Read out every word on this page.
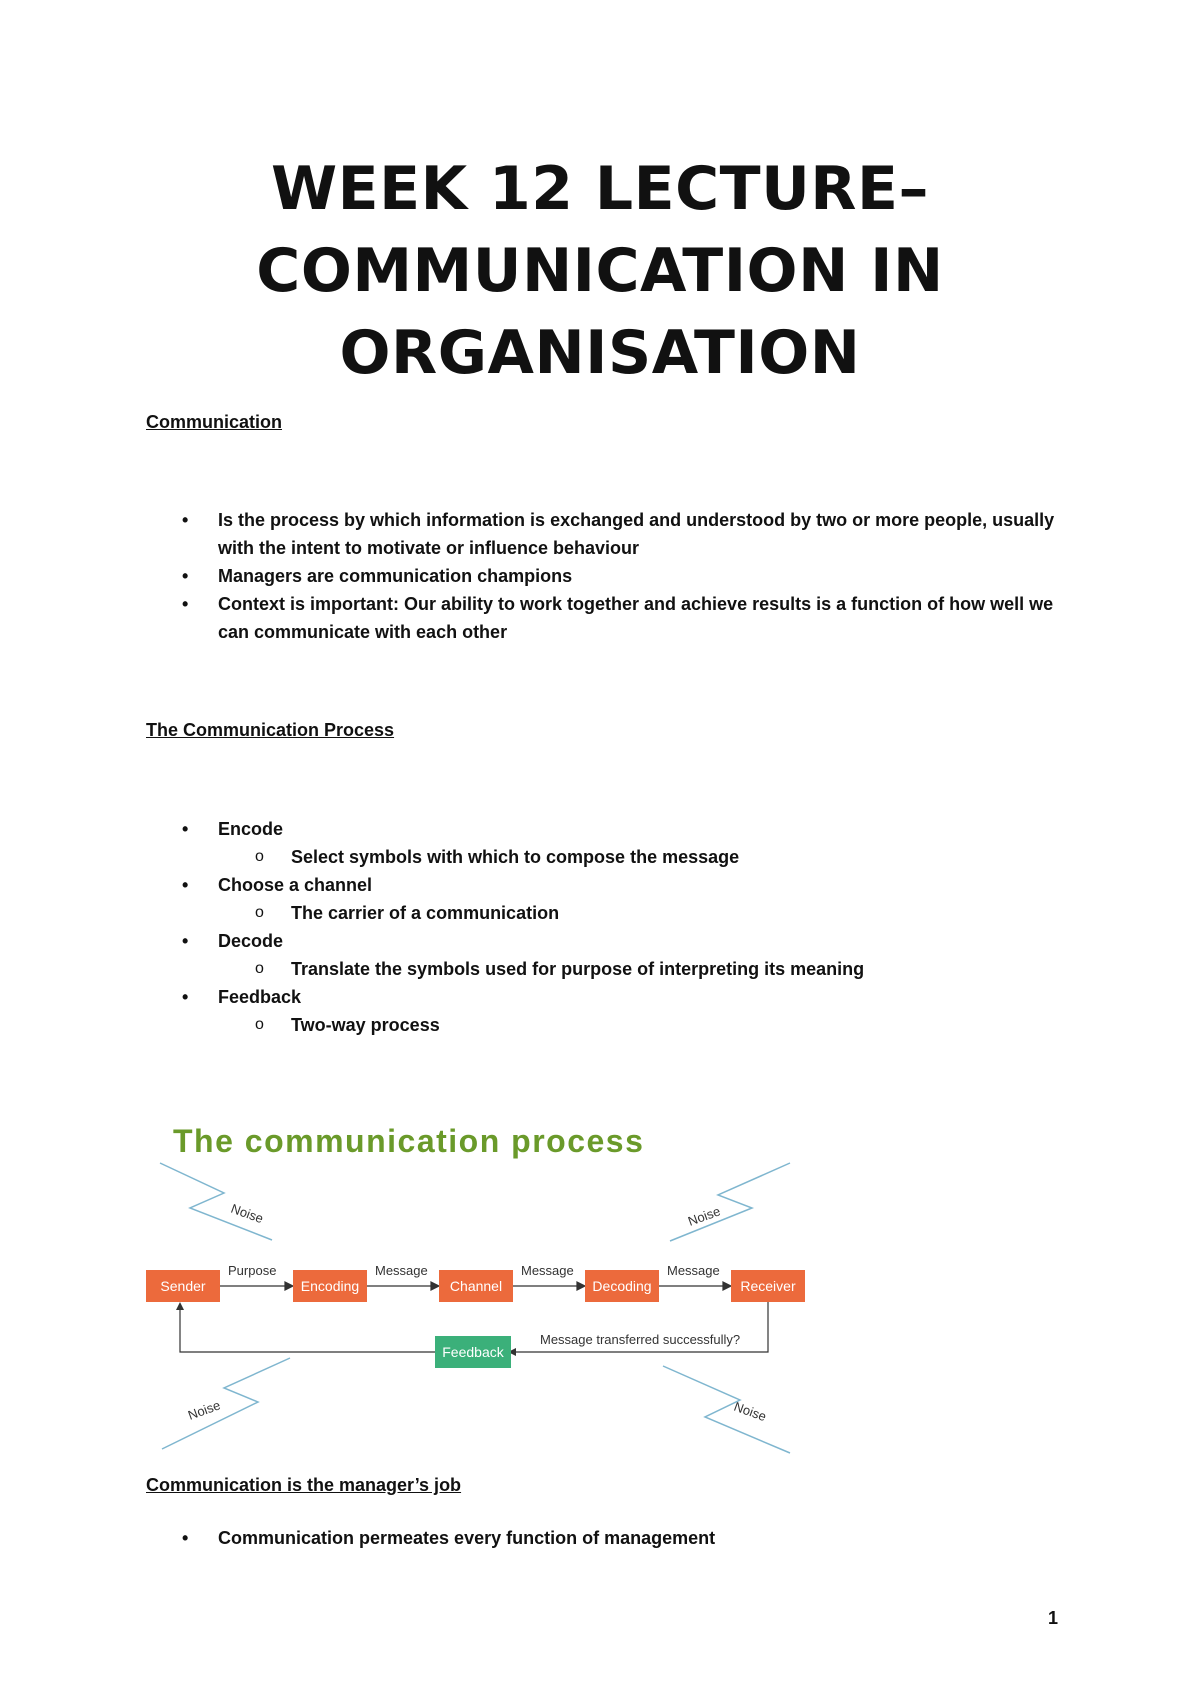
WEEK 12 LECTURE–
COMMUNICATION IN
ORGANISATION

Communication

• Is the process by which information is exchanged and understood by two or more people, usually with the intent to motivate or influence behaviour
• Managers are communication champions
• Context is important: Our ability to work together and achieve results is a function of how well we can communicate with each other

The Communication Process

• Encode
o Select symbols with which to compose the message
• Choose a channel
o The carrier of a communication
• Decode
o Translate the symbols used for purpose of interpreting its meaning
• Feedback
o Two-way process
The communication process
Noise	Noise
Noise	Noise
Purpose	Message	Message	Message
Message transferred successfully?
Sender	Encoding	Channel	Decoding	Receiver
Feedback

Communication is the manager’s job

• Communication permeates every function of management
1
